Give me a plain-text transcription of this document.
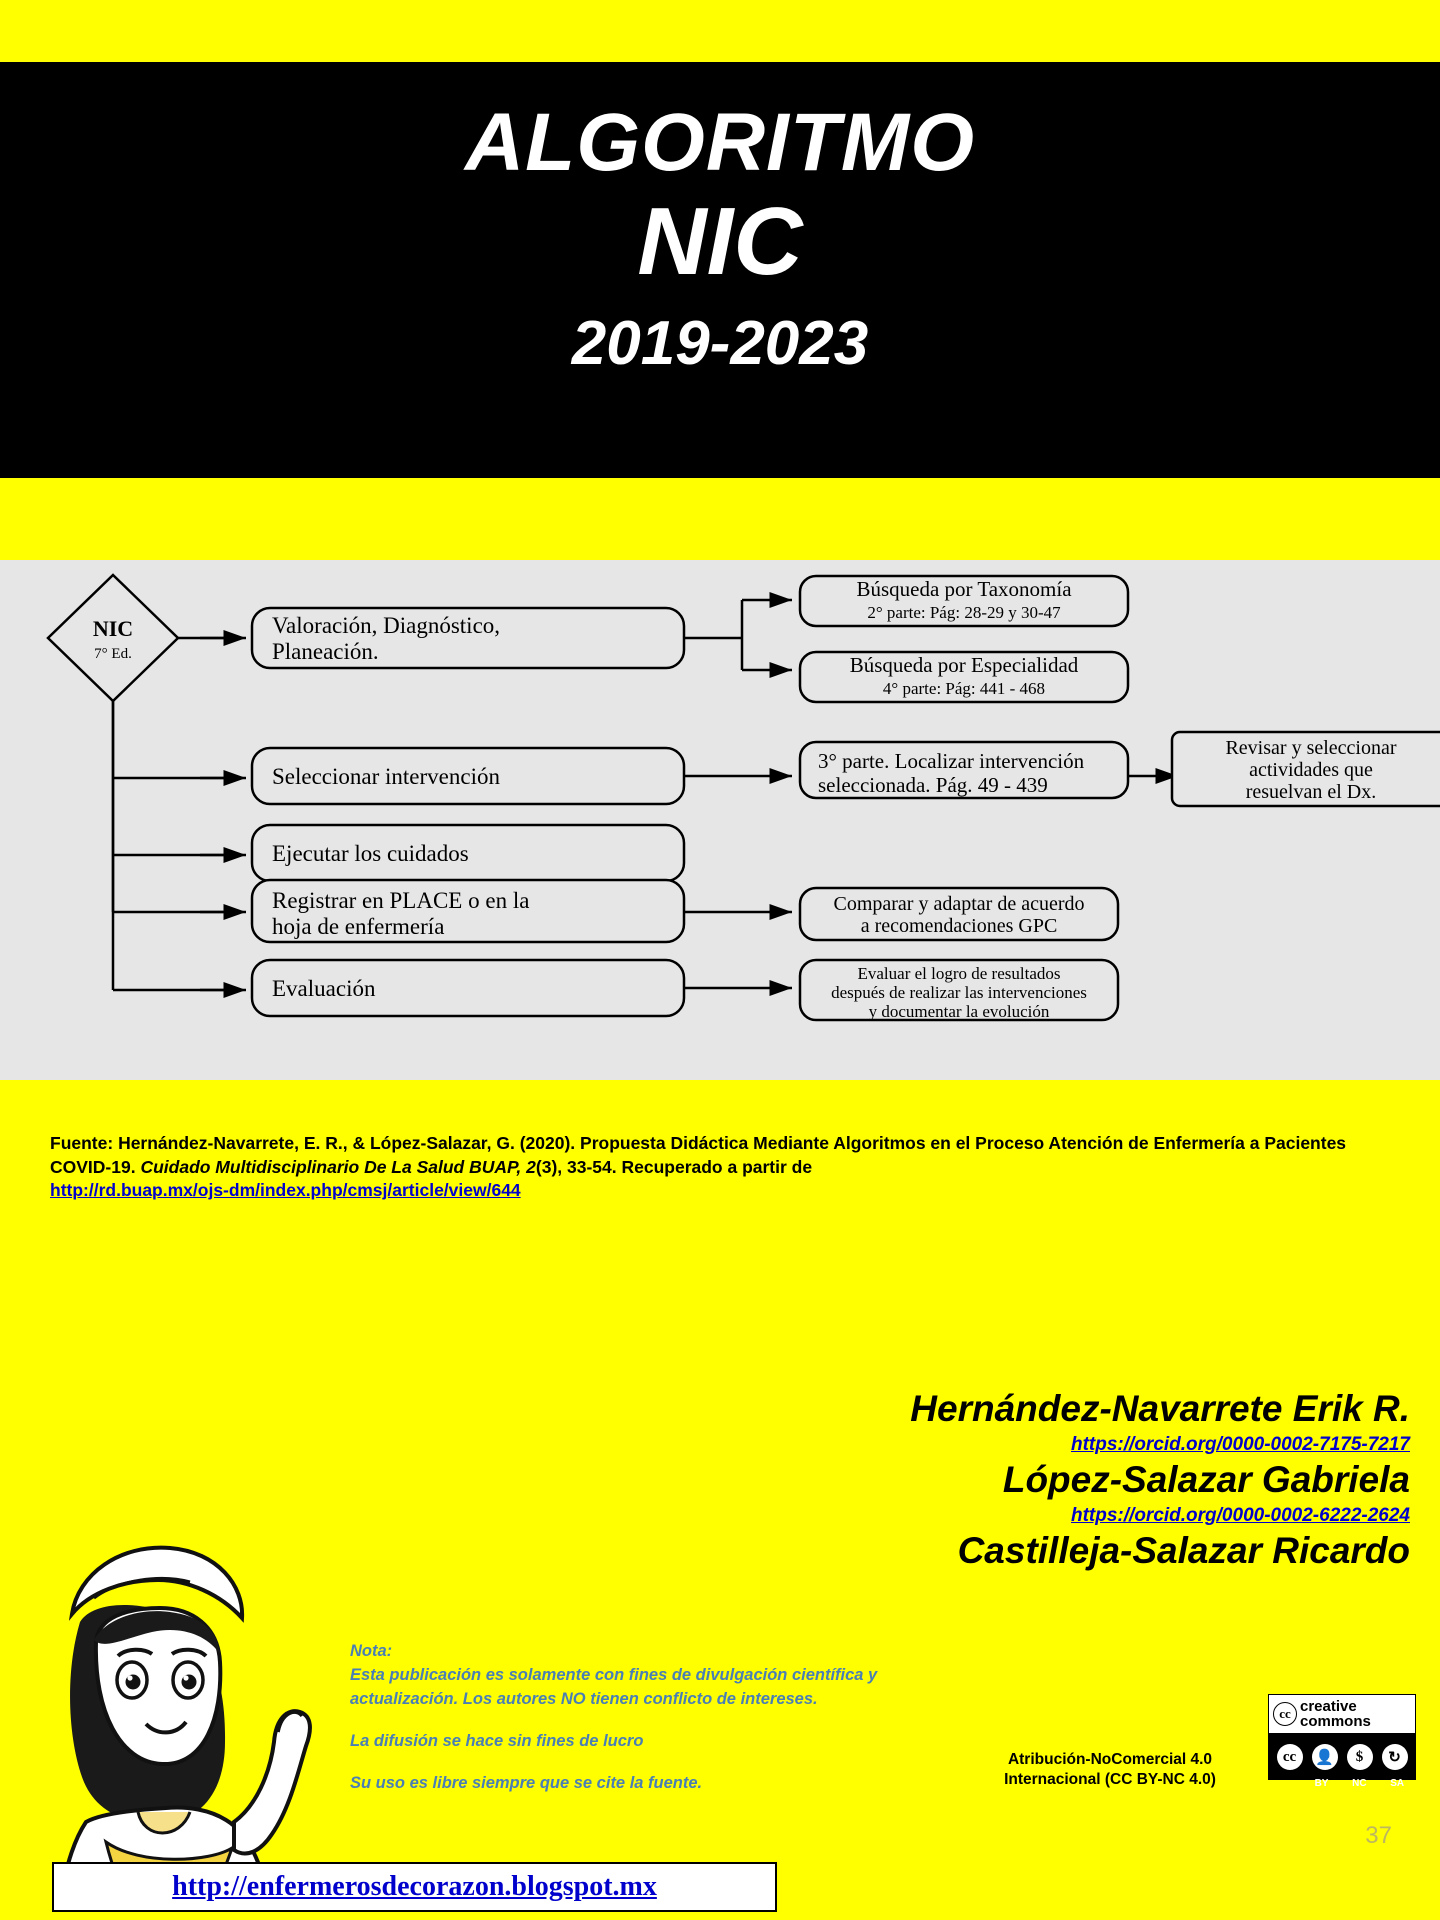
ALGORITMO
NIC
2019-2023
NIC
7° Ed.
Valoración, Diagnóstico,
Planeación.
Seleccionar intervención
Ejecutar los cuidados
Registrar en PLACE o en la
hoja de enfermería
Evaluación
Búsqueda por Taxonomía
2° parte: Pág: 28-29 y 30-47
Búsqueda por Especialidad
4° parte: Pág: 441 - 468
3° parte. Localizar intervención
seleccionada. Pág. 49 - 439
Revisar y seleccionar
actividades que
resuelvan el Dx.
Comparar y adaptar de acuerdo
a recomendaciones GPC
Evaluar el logro de resultados
después de realizar las intervenciones
y documentar la evolución
Fuente: Hernández-Navarrete, E. R., & López-Salazar, G. (2020). Propuesta Didáctica Mediante Algoritmos en el Proceso Atención de Enfermería a Pacientes COVID-19. Cuidado Multidisciplinario De La Salud BUAP, 2(3), 33-54. Recuperado a partir de
http://rd.buap.mx/ojs-dm/index.php/cmsj/article/view/644
Hernández-Navarrete Erik R.
https://orcid.org/0000-0002-7175-7217
López-Salazar Gabriela
https://orcid.org/0000-0002-6222-2624
Castilleja-Salazar Ricardo

Nota:
Esta publicación es solamente con fines de divulgación científica y actualización. Los autores NO tienen conflicto de intereses.

La difusión se hace sin fines de lucro

Su uso es libre siempre que se cite la fuente.

cc creative
commons
cc	👤	$	↻
BY NC SA
Atribución-NoComercial 4.0
Internacional (CC BY-NC 4.0)
37
http://enfermerosdecorazon.blogspot.mx
